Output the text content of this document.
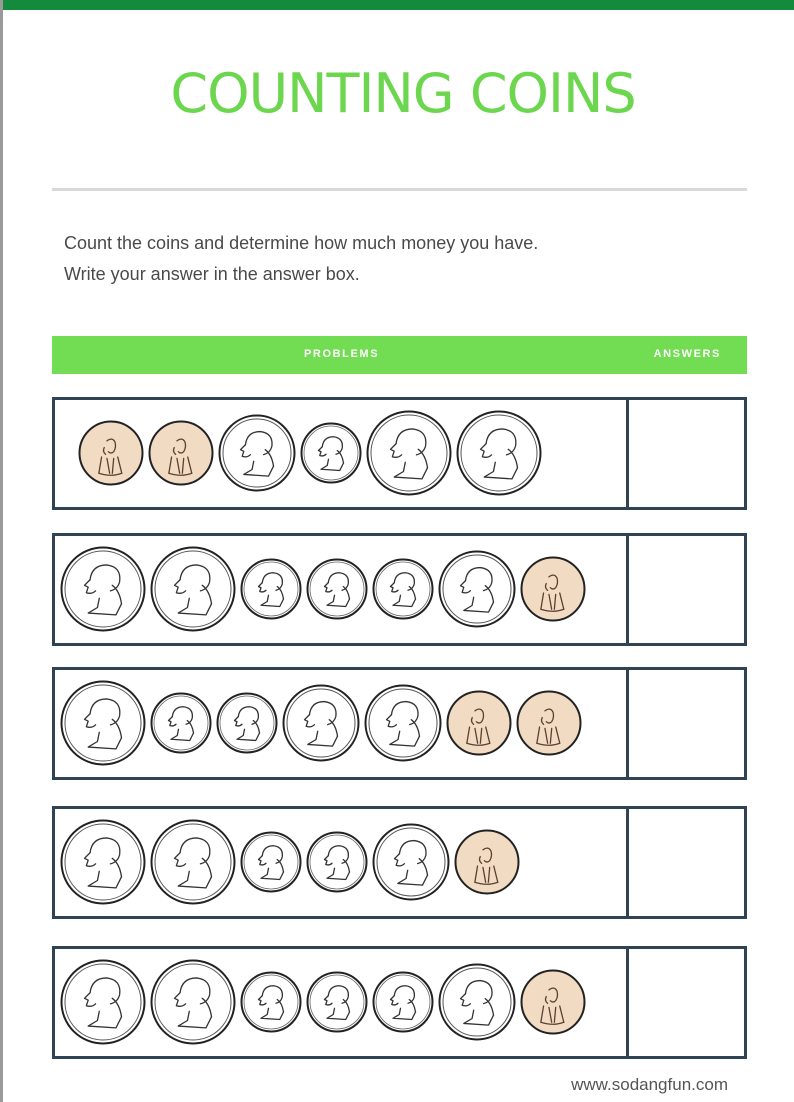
COUNTING COINS
Count the coins and determine how much money you have.
Write your answer in the answer box.
PROBLEMS	ANSWERS
www.sodangfun.com
